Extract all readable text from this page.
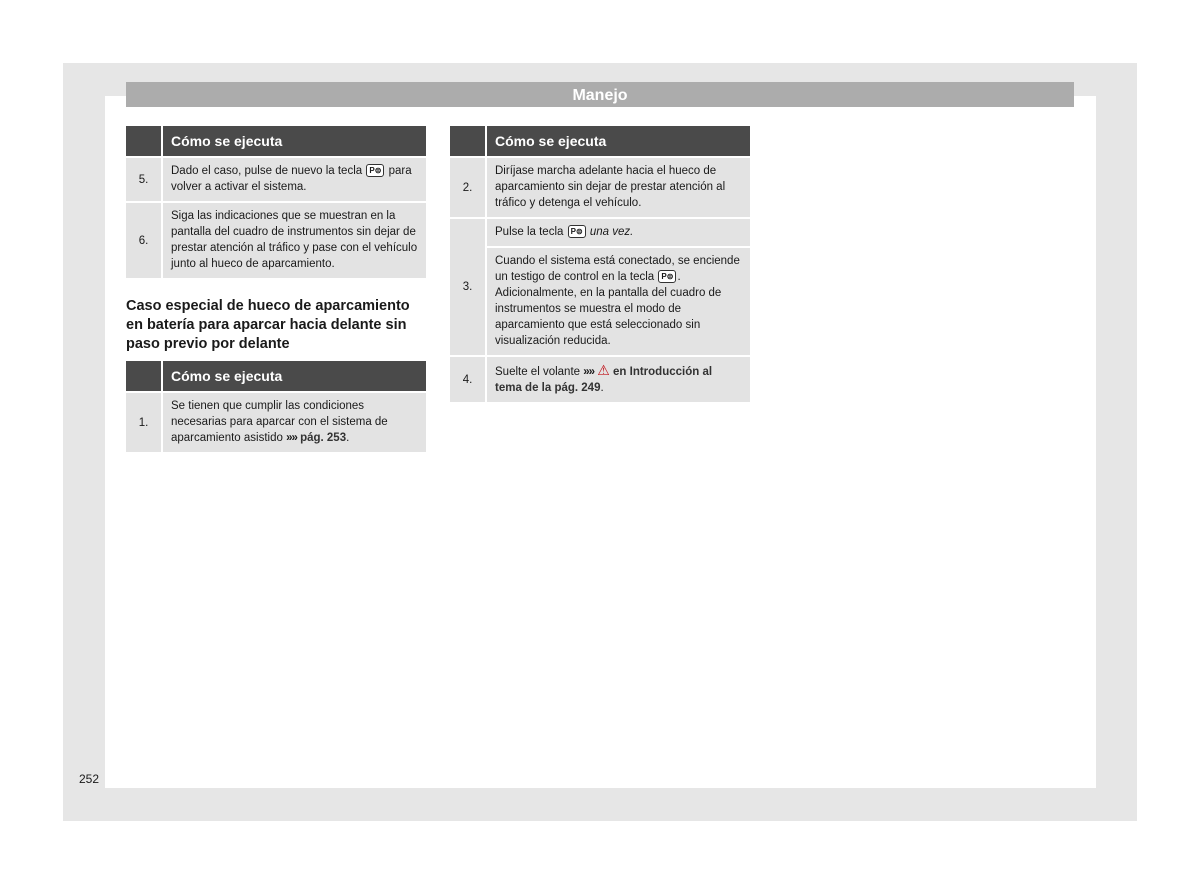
Manejo
	Cómo se ejecuta
5.	Dado el caso, pulse de nuevo la tecla P⊜ para volver a activar el sistema.
6.	Siga las indicaciones que se muestran en la pantalla del cuadro de instrumentos sin dejar de prestar atención al tráfico y pase con el vehículo junto al hueco de aparcamiento.
Caso especial de hueco de aparcamiento en batería para aparcar hacia delante sin paso previo por delante
	Cómo se ejecuta
1.	Se tienen que cumplir las condiciones necesarias para aparcar con el sistema de aparcamiento asistido »» pág. 253.
	Cómo se ejecuta
2.	Diríjase marcha adelante hacia el hueco de aparcamiento sin dejar de prestar atención al tráfico y detenga el vehículo.
3.	Pulse la tecla P⊜ una vez.
	Cuando el sistema está conectado, se enciende un testigo de control en la tecla P⊜ . Adicionalmente, en la pantalla del cuadro de instrumentos se muestra el modo de aparcamiento que está seleccionado sin visualización reducida.
4.	Suelte el volante »» ⚠ en Introducción al tema de la pág. 249.
252
